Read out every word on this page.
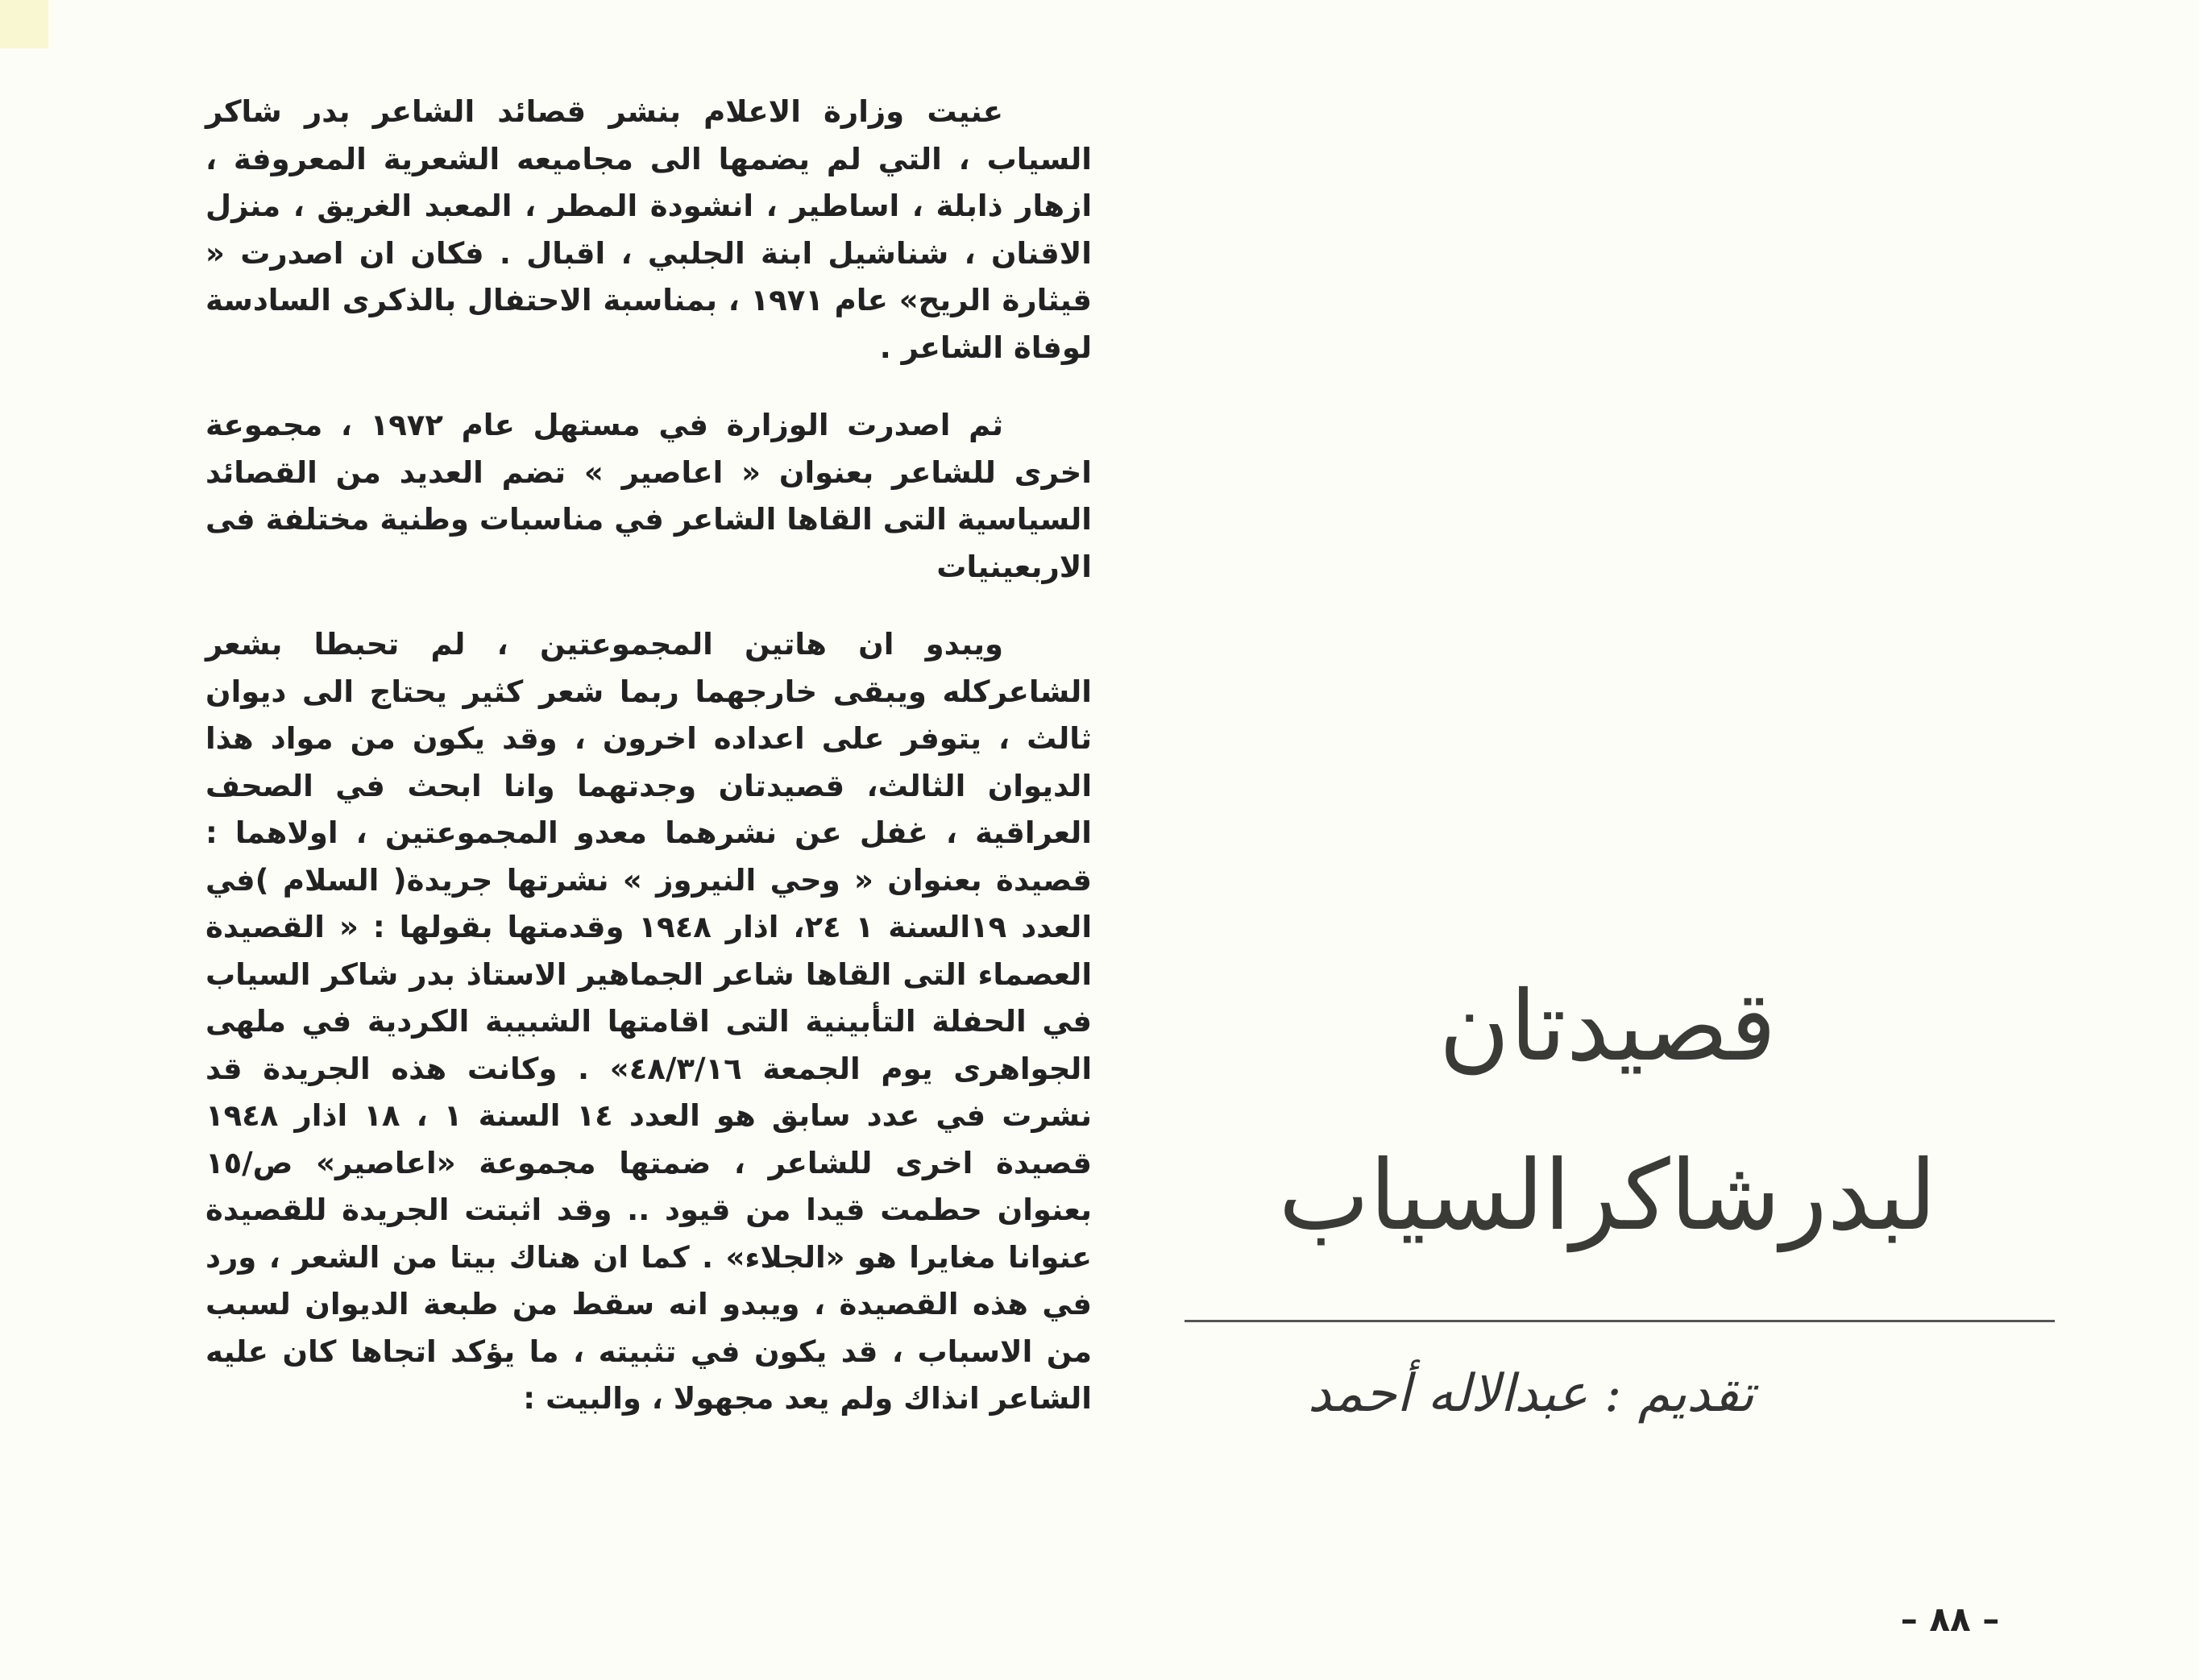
عنيت وزارة الاعلام بنشر قصائد الشاعر بدر شاكر السياب ، التي لم يضمها الى مجاميعه الشعرية المعروفة ، ازهار ذابلة ، اساطير ، انشودة المطر ، المعبد الغريق ، منزل الاقنان ، شناشيل ابنة الجلبي ، اقبال . فكان ان اصدرت « قيثارة الريح» عام ١٩٧١ ، بمناسبة الاحتفال بالذكرى السادسة لوفاة الشاعر .

ثم اصدرت الوزارة في مستهل عام ١٩٧٢ ، مجموعة اخرى للشاعر بعنوان « اعاصير » تضم العديد من القصائد السياسية التى القاها الشاعر في مناسبات وطنية مختلفة فى الاربعينيات

ويبدو ان هاتين المجموعتين ، لم تحبطا بشعر الشاعركله ويبقى خارجهما ربما شعر كثير يحتاج الى ديوان ثالث ، يتوفر على اعداده اخرون ، وقد يكون من مواد هذا الديوان الثالث، قصيدتان وجدتهما وانا ابحث في الصحف العراقية ، غفل عن نشرهما معدو المجموعتين ، اولاهما : قصيدة بعنوان « وحي النيروز » نشرتها جريدة( السلام )في العدد ١٩السنة ١ ٢٤، اذار ١٩٤٨ وقدمتها بقولها : « القصيدة العصماء التى القاها شاعر الجماهير الاستاذ بدر شاكر السياب في الحفلة التأبينية التى اقامتها الشبيبة الكردية في ملهى الجواهرى يوم الجمعة ٤٨/٣/١٦» . وكانت هذه الجريدة قد نشرت في عدد سابق هو العدد ١٤ السنة ١ ، ١٨ اذار ١٩٤٨ قصيدة اخرى للشاعر ، ضمتها مجموعة «اعاصير» ص/١٥ بعنوان حطمت قيدا من قيود .. وقد اثبتت الجريدة للقصيدة عنوانا مغايرا هو «الجلاء» . كما ان هناك بيتا من الشعر ، ورد في هذه القصيدة ، ويبدو انه سقط من طبعة الديوان لسبب من الاسباب ، قد يكون في تثبيته ، ما يؤكد اتجاها كان عليه الشاعر انذاك ولم يعد مجهولا ، والبيت :

قصيدتان
لبدرشاكرالسياب
تقديم : عبدالاله أحمد
– ٨٨ –
